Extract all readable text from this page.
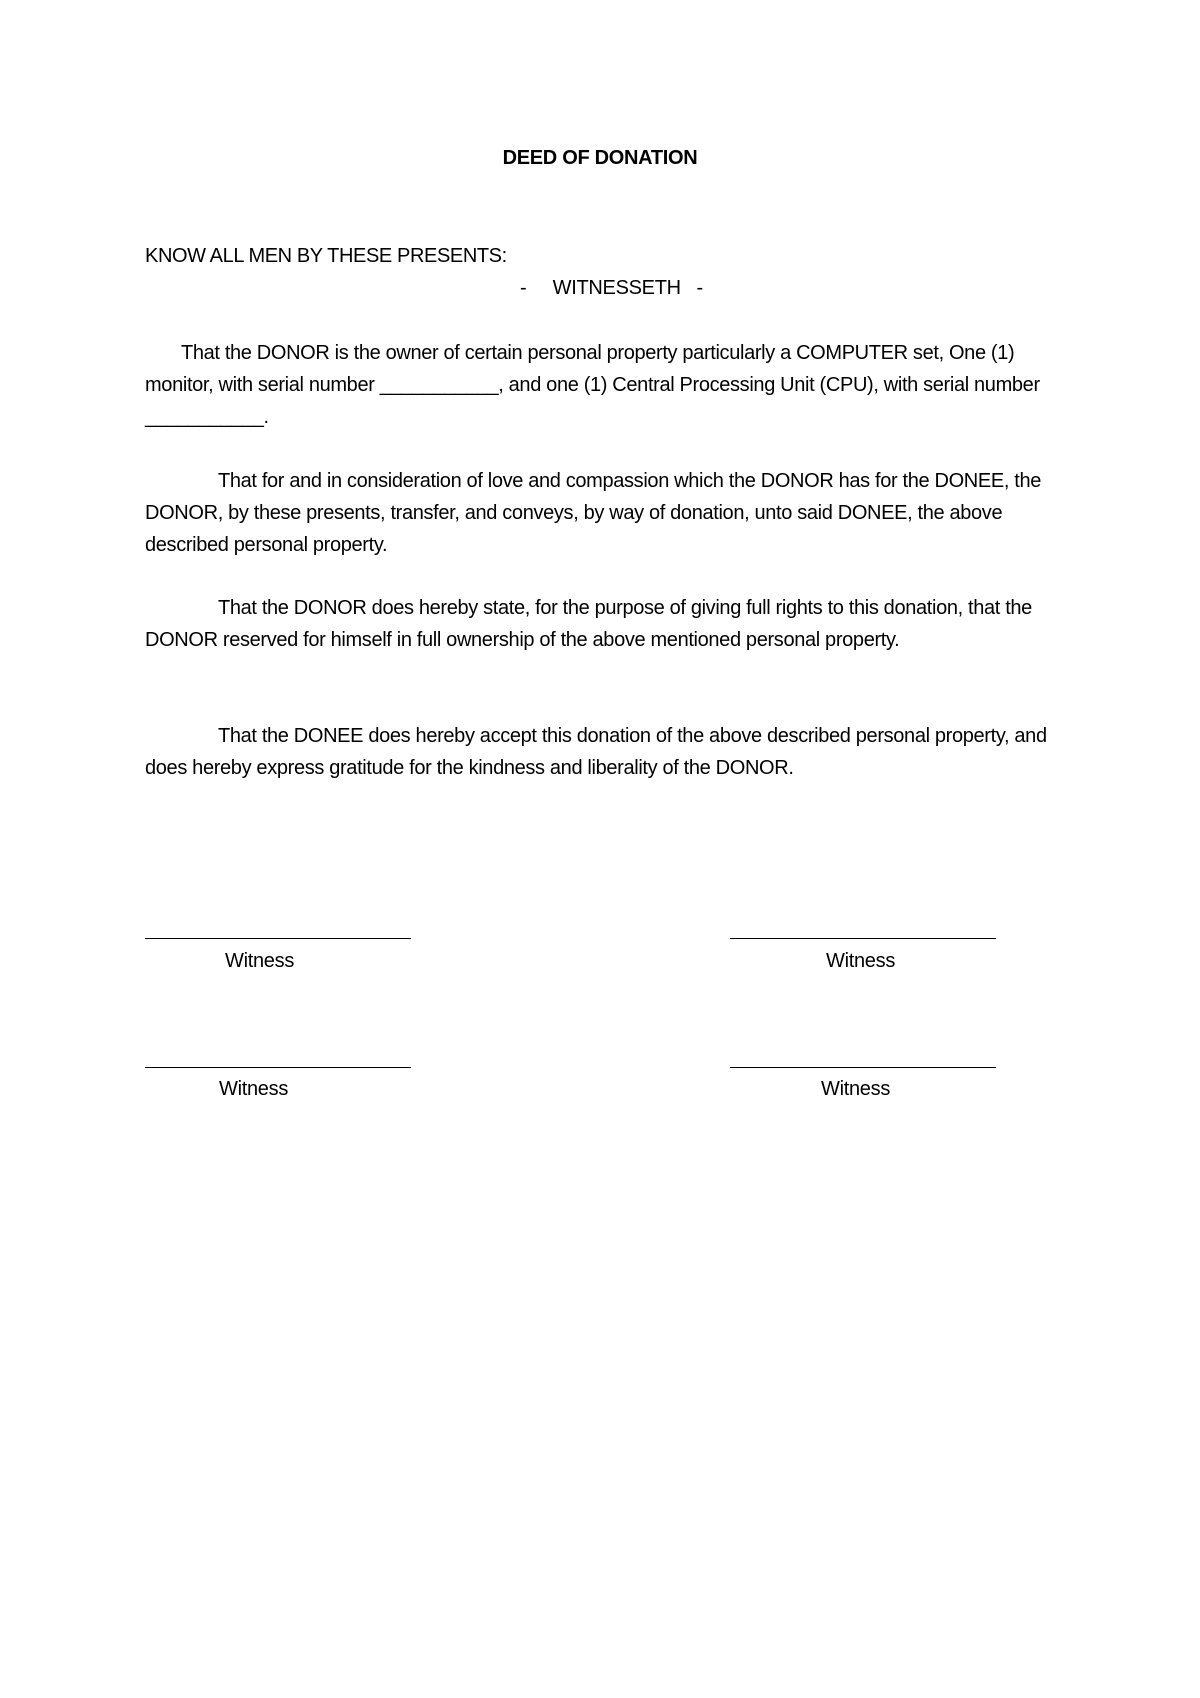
DEED OF DONATION
KNOW ALL MEN BY THESE PRESENTS:
-     WITNESSETH   -

That the DONOR is the owner of certain personal property particularly a COMPUTER set, One (1) monitor, with serial number ___________, and one (1) Central Processing Unit (CPU), with serial number ___________.

That for and in consideration of love and compassion which the DONOR has for the DONEE, the DONOR, by these presents, transfer, and conveys, by way of donation, unto said DONEE, the above described personal property.

That the DONOR does hereby state, for the purpose of giving full rights to this donation, that the DONOR reserved for himself in full ownership of the above mentioned personal property.

That the DONEE does hereby accept this donation of the above described personal property, and does hereby express gratitude for the kindness and liberality of the DONOR.

Witness	Witness
Witness	Witness
